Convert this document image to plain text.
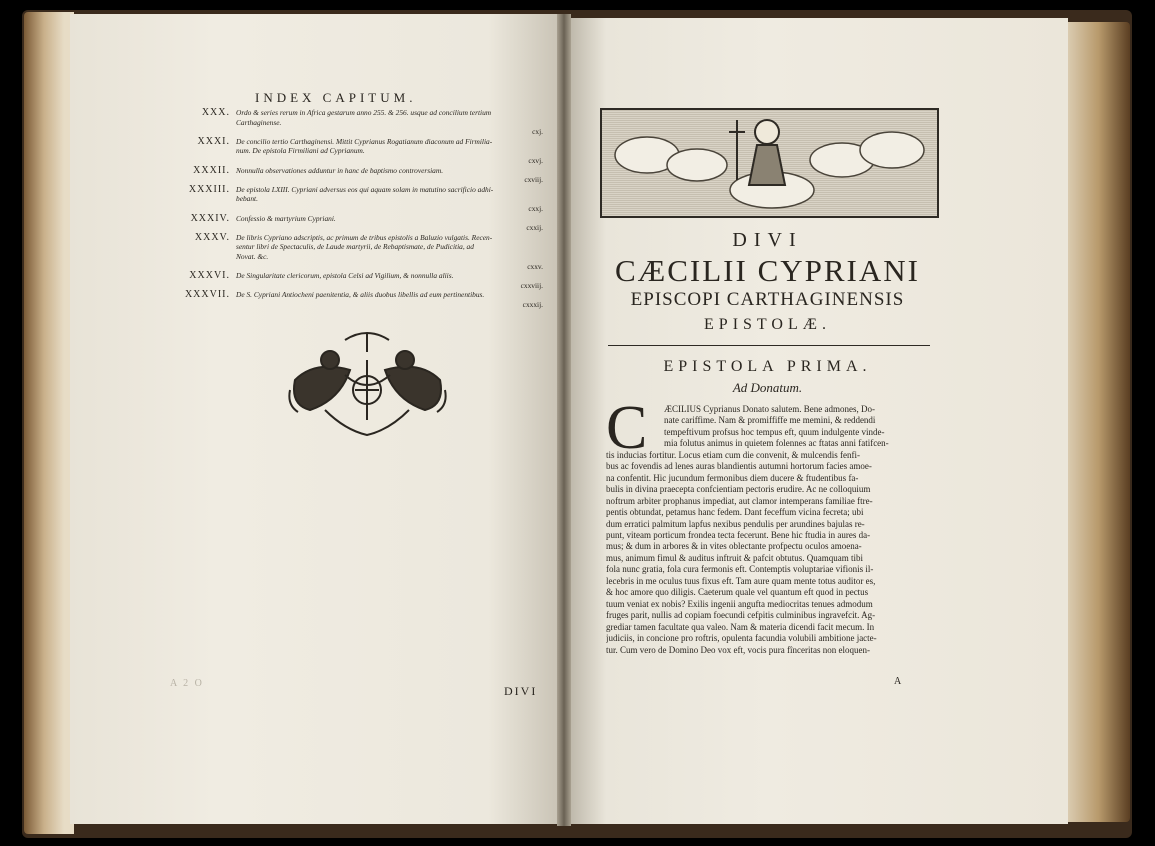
INDEX CAPITUM.
XXX. Ordo & series rerum in Africa gestarum anno 255. & 256. usque ad concilium tertium
Carthaginense.
cxj.
XXXI. De concilio tertio Carthaginensi. Mittit Cyprianus Rogatianum diaconum ad Firmilia-
num. De epistola Firmiliani ad Cyprianum.
cxvj.
XXXII. Nonnulla observationes adduntur in hanc de baptismo controversiam.
cxviij.
XXXIII. De epistola LXIII. Cypriani adversus eos qui aquam solam in matutino sacrificio adhi-
bebant.
cxxj.
XXXIV. Confessio & martyrium Cypriani.
cxxij.
XXXV. De libris Cypriano adscriptis, ac primum de tribus epistolis a Baluzio vulgatis. Recen-
sentur libri de Spectaculis, de Laude martyrii, de Rebaptismate, de Pudicitia, ad
Novat. &c.
cxxv.
XXXVI. De Singularitate clericorum, epistola Celsi ad Vigilium, & nonnulla aliis.
cxxviij.
XXXVII. De S. Cypriani Antiocheni paenitentia, & aliis duobus libellis ad eum pertinentibus.
cxxxij.
A 2 O
DIVI
DIVI
CÆCILII CYPRIANI
EPISCOPI CARTHAGINENSIS
EPISTOLÆ.
EPISTOLA PRIMA.
Ad Donatum.
C	ÆCILIUS Cyprianus Donato salutem. Bene admones, Do-
nate cariffime. Nam & promiffiffe me memini, & reddendi
tempeftivum profsus hoc tempus eft, quum indulgente vinde-
mia folutus animus in quietem folennes ac ftatas anni fatifcen-
tis inducias fortitur. Locus etiam cum die convenit, & mulcendis fenfi-
bus ac fovendis ad lenes auras blandientis autumni hortorum facies amoe-
na confentit. Hic jucundum fermonibus diem ducere & ftudentibus fa-
bulis in divina praecepta confcientiam pectoris erudire. Ac ne colloquium
noftrum arbiter prophanus impediat, aut clamor intemperans familiae ftre-
pentis obtundat, petamus hanc fedem. Dant feceffum vicina fecreta; ubi
dum erratici palmitum lapfus nexibus pendulis per arundines bajulas re-
punt, viteam porticum frondea tecta fecerunt. Bene hic ftudia in aures da-
mus; & dum in arbores & in vites oblectante profpectu oculos amoena-
mus, animum fimul & auditus inftruit & pafcit obtutus. Quamquam tibi
fola nunc gratia, fola cura fermonis eft. Contemptis voluptariae vifionis il-
lecebris in me oculus tuus fixus eft. Tam aure quam mente totus auditor es,
& hoc amore quo diligis. Caeterum quale vel quantum eft quod in pectus
tuum veniat ex nobis? Exilis ingenii angufta mediocritas tenues admodum
fruges parit, nullis ad copiam foecundi cefpitis culminibus ingravefcit. Ag-
grediar tamen facultate qua valeo. Nam & materia dicendi facit mecum. In
judiciis, in concione pro roftris, opulenta facundia volubili ambitione jacte-
tur. Cum vero de Domino Deo vox eft, vocis pura fînceritas non eloquen-
A
